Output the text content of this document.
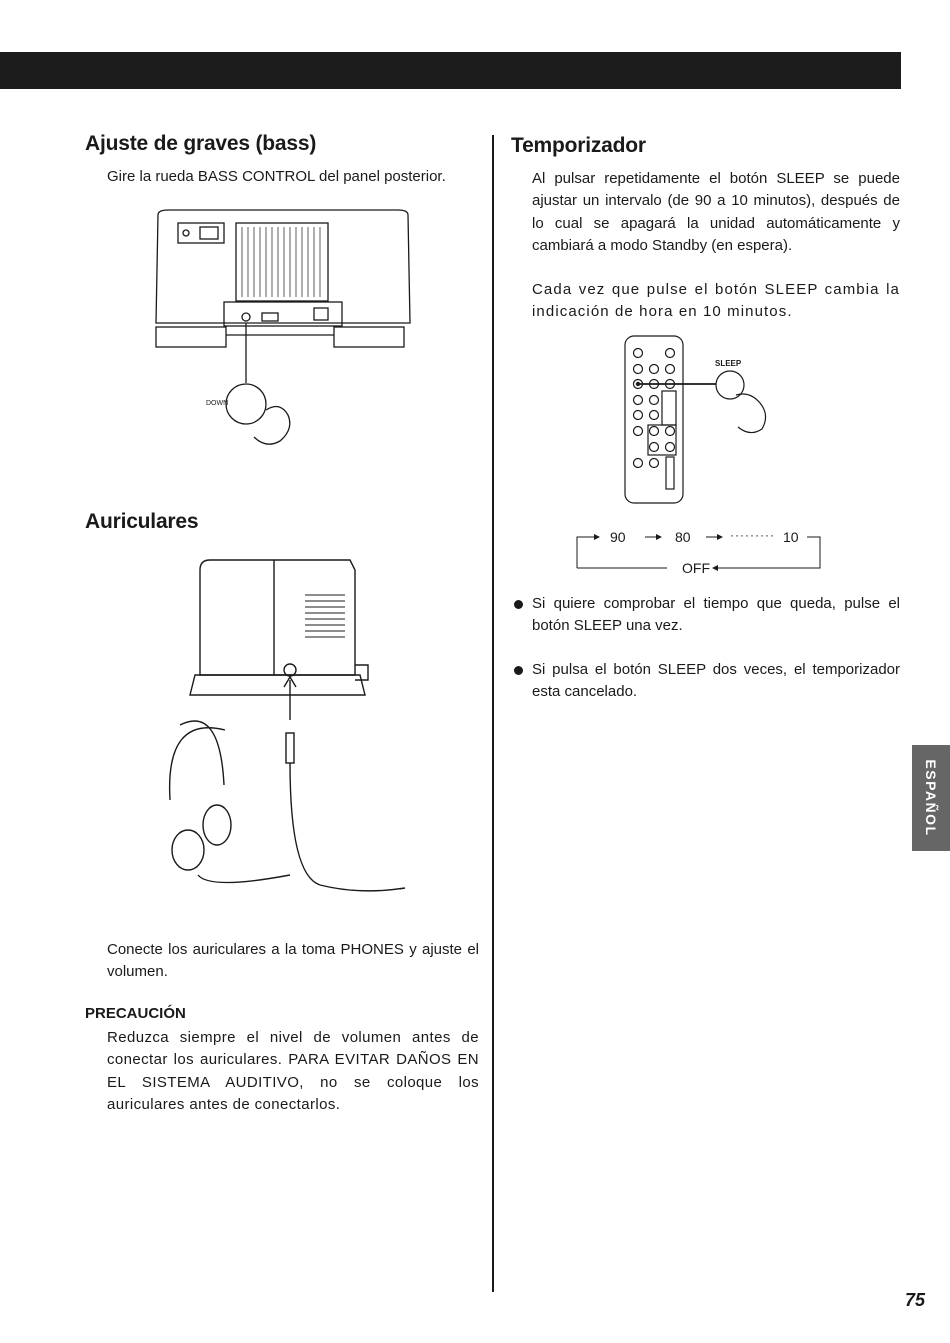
Ajuste de graves (bass)

Gire la rueda BASS CONTROL del panel posterior.

DOWN
Auriculares

Conecte los auriculares a la toma PHONES y ajuste el volumen.

PRECAUCIÓN

Reduzca siempre el nivel de volumen antes de conectar los auriculares. PARA EVITAR DAÑOS EN EL SISTEMA AUDITIVO, no se coloque los auriculares antes de conectarlos.

Temporizador

Al pulsar repetidamente el botón SLEEP se puede ajustar un intervalo (de 90 a 10 minutos), después de lo cual se apagará la unidad automáticamente y cambiará a modo Standby (en espera).

Cada vez que pulse el botón SLEEP cambia la indicación de hora en 10 minutos.

SLEEP
·········
90	80	10
OFF

Si quiere comprobar el tiempo que queda, pulse el botón SLEEP una vez.

Si pulsa el botón SLEEP dos veces, el temporizador esta cancelado.

ESPAÑOL
75
